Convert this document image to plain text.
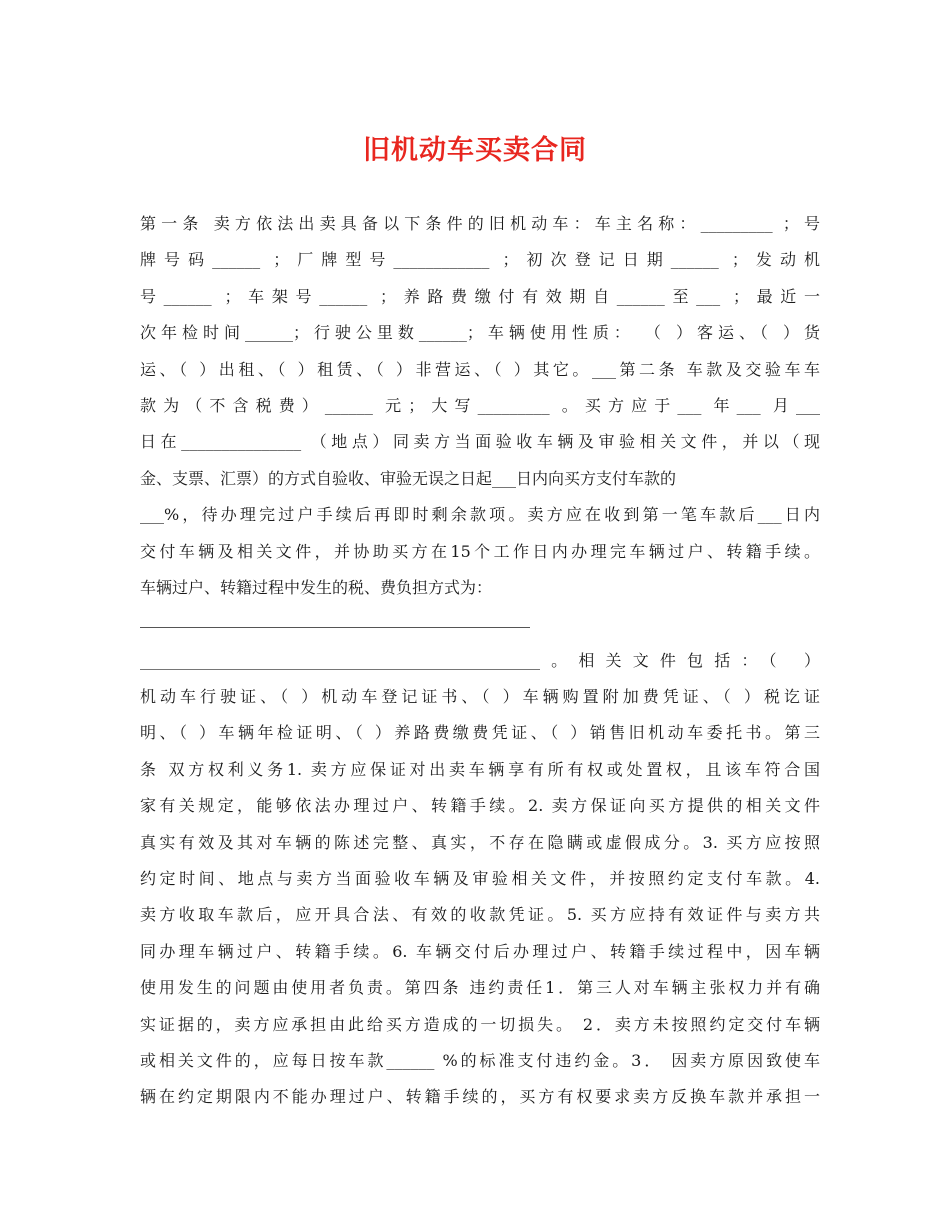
旧机动车买卖合同
第一条 卖方依法出卖具备以下条件的旧机动车：车主名称：_________ ；号
牌号码______ ；厂牌型号____________ ；初次登记日期______ ；发动机
号______ ；车架号______ ；养路费缴付有效期自______至___ ；最近一
次年检时间______；行驶公里数______；车辆使用性质： （ ）客运、（ ）货
运、（ ）出租、（ ）租赁、（ ）非营运、（ ）其它。___第二条 车款及交验车车
款为（不含税费）______ 元；大写_________ 。买方应于___ 年___ 月___
日在_______________ （地点）同卖方当面验收车辆及审验相关文件，并以（现
金、支票、汇票）的方式自验收、审验无误之日起___日内向买方支付车款的
___%，待办理完过户手续后再即时剩余款项。卖方应在收到第一笔车款后___日内
交付车辆及相关文件，并协助买方在15个工作日内办理完车辆过户、转籍手续。
车辆过户、转籍过程中发生的税、费负担方式为：
__________________________________________________。相关文件包括：（ ）
机动车行驶证、（ ）机动车登记证书、（ ）车辆购置附加费凭证、（ ）税讫证
明、（ ）车辆年检证明、（ ）养路费缴费凭证、（ ）销售旧机动车委托书。第三
条 双方权利义务1. 卖方应保证对出卖车辆享有所有权或处置权，且该车符合国
家有关规定，能够依法办理过户、转籍手续。2. 卖方保证向买方提供的相关文件
真实有效及其对车辆的陈述完整、真实，不存在隐瞒或虚假成分。3. 买方应按照
约定时间、地点与卖方当面验收车辆及审验相关文件，并按照约定支付车款。4.
卖方收取车款后，应开具合法、有效的收款凭证。5. 买方应持有效证件与卖方共
同办理车辆过户、转籍手续。6. 车辆交付后办理过户、转籍手续过程中，因车辆
使用发生的问题由使用者负责。第四条 违约责任1．第三人对车辆主张权力并有确
实证据的，卖方应承担由此给买方造成的一切损失。 2．卖方未按照约定交付车辆
或相关文件的，应每日按车款______ %的标准支付违约金。3． 因卖方原因致使车
辆在约定期限内不能办理过户、转籍手续的，买方有权要求卖方反换车款并承担一
